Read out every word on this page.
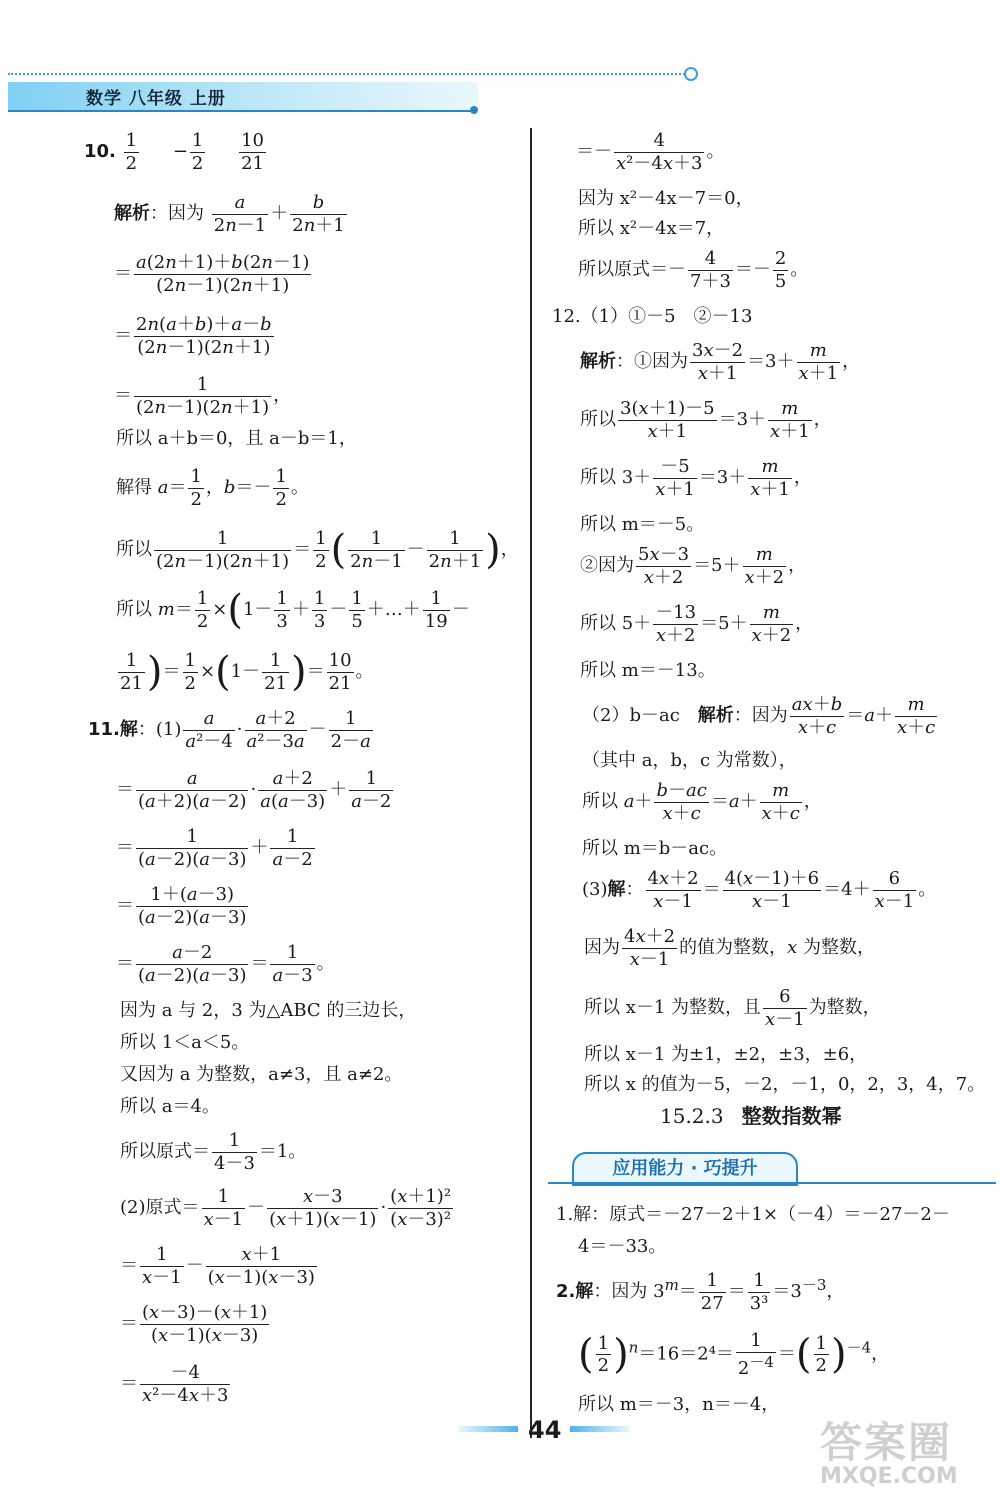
数学 八年级 上册
10. $\frac{1}{2} - \frac{1}{2}$
$\frac{10}{21}$
解析：因为 $\frac{a}{2n-1} + \frac{b}{2n+1}$
＝ $\frac{a(2n+1)+b(2n-1)}{(2n-1)(2n+1)}$
＝ $\frac{2n(a+b)+a-b}{(2n-1)(2n+1)}$
＝ $\frac{1}{(2n-1)(2n+1)}$ ，
所以 a＋b＝0，且 a－b＝1，
解得 $a= \frac{1}{2}$ ，$b=- \frac{1}{2}$ 。
所以 $\frac{1}{(2n-1)(2n+1)} = \frac{1}{2}$ ( $\frac{1}{2n-1} - \frac{1}{2n+1}$ )，
所以 $m= \frac{1}{2} \times(1- \frac{1}{3} + \frac{1}{3} - \frac{1}{5}$ ＋…＋ $\frac{1}{19}$ －
$\frac{1}{21}$ )＝ $\frac{1}{2} \times(1- \frac{1}{21}$ )＝ $\frac{10}{21}$ 。
11.解：$(1) \frac{a}{\text{a²－4}} \cdot \frac{a+2}{\text{a²－3a}} - \frac{1}{2-a}$
＝ $\frac{a}{(a+2)(a-2)} \cdot \frac{a+2}{a(a-3)} + \frac{1}{a-2}$
＝ $\frac{1}{(a-2)(a-3)} + \frac{1}{a-2}$
＝ $\frac{1+(a-3)}{(a-2)(a-3)}$
＝ $\frac{a-2}{(a-2)(a-3)} = \frac{1}{a-3}$ 。
因为 a 与 2，3 为△ABC 的三边长，
所以 1＜a＜5。
又因为 a 为整数，a≠3，且 a≠2。
所以 a＝4。
所以原式＝ $\frac{1}{4-3} =1$。
(2)原式＝ $\frac{1}{x-1} - \frac{x-3}{(x+1)(x-1)} \cdot \frac{\text{(x＋1)²}}{\text{(x－3)²}}$
＝ $\frac{1}{x-1} - \frac{x+1}{(x-1)(x-3)}$
＝ $\frac{(x-3)-(x+1)}{(x-1)(x-3)}$
＝ $\frac{-4}{\text{x²－4x＋3}}$
＝－ $\frac{4}{\text{x²－4x＋3}}$ 。
因为 x²－4x－7＝0，
所以 x²－4x＝7，
所以原式＝－ $\frac{4}{7+3} =- \frac{2}{5}$ 。
12.（1）①－5　②－13
解析：①因为 $\frac{3x-2}{x+1} =3+ \frac{m}{x+1}$ ，
所以 $\frac{3(x+1)-5}{x+1} =3+ \frac{m}{x+1}$ ，
所以 $3+ \frac{-5}{x+1} =3+ \frac{m}{x+1}$ ，
所以 m＝－5。
②因为 $\frac{5x-3}{x+2} =5+ \frac{m}{x+2}$ ，
所以 $5+ \frac{-13}{x+2} =5+ \frac{m}{x+2}$ ，
所以 m＝－13。
（2）b－ac　 解析：因为 $\frac{ax+b}{x+c} =a+ \frac{m}{x+c}$
（其中 a，b，c 为常数），
所以 $a+ \frac{b-ac}{x+c} =a+ \frac{m}{x+c}$ ，
所以 m＝b－ac。
(3)解： $\frac{4x+2}{x-1} = \frac{4(x-1)+6}{x-1} =4+ \frac{6}{x-1}$ 。
因为 $\frac{4x+2}{x-1}$ 的值为整数，x 为整数，
所以 x－1 为整数，且 $\frac{6}{x-1}$ 为整数，
所以 x－1 为±1，±2，±3，±6，
所以 x 的值为－5，－2，－1，0，2，3，4，7。
1.解：原式＝－27－2＋1×（－4）＝－27－2－
4＝－33。
2.解：因为 $3^m= \frac{1}{27} = \frac{1}{\text{3³}} =3^{-3}$，
( $\frac{1}{2} )^n=16=2^4= \frac{1}{2^{-4}}$ ＝( $\frac{1}{2} )^{-4}$，
所以 m＝－3，n＝－4，
15.2.3 整数指数幂
应用能力 · 巧提升
44	答案圈
MXQE.COM
